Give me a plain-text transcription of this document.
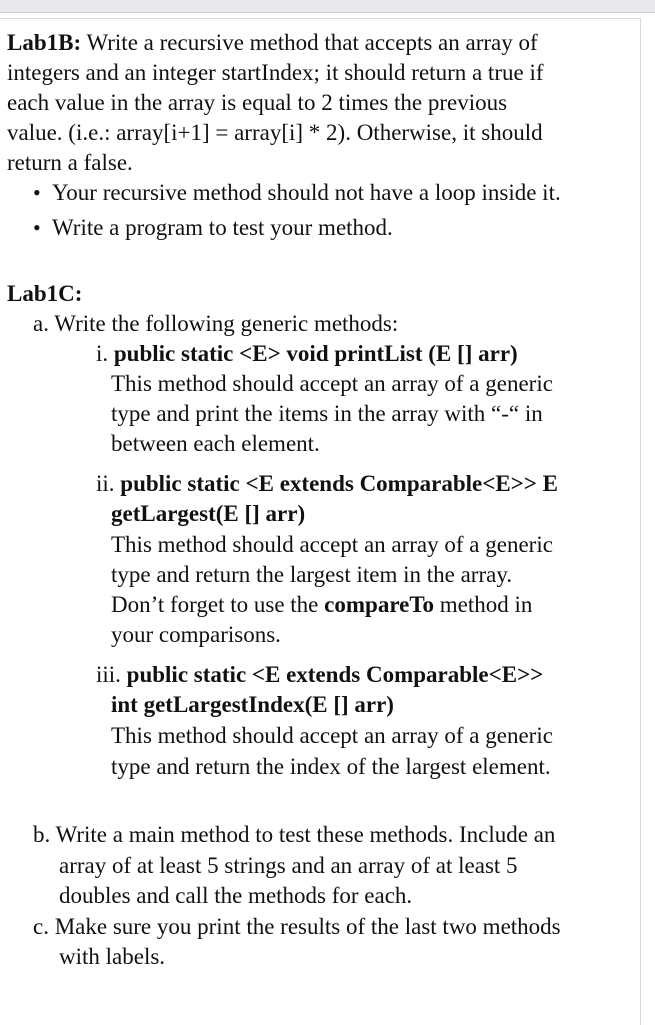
Lab1B: Write a recursive method that accepts an array of
integers and an integer startIndex; it should return a true if
each value in the array is equal to 2 times the previous
value. (i.e.: array[i+1] = array[i] * 2). Otherwise, it should
return a false.
• Your recursive method should not have a loop inside it.
• Write a program to test your method.
Lab1C:
a. Write the following generic methods:
i. public static <E> void printList (E [] arr)
This method should accept an array of a generic
type and print the items in the array with “-“ in
between each element.
ii. public static <E extends Comparable<E>> E
getLargest(E [] arr)
This method should accept an array of a generic
type and return the largest item in the array.
Don’t forget to use the compareTo method in
your comparisons.
iii. public static <E extends Comparable<E>>
int getLargestIndex(E [] arr)
This method should accept an array of a generic
type and return the index of the largest element.
b. Write a main method to test these methods. Include an
array of at least 5 strings and an array of at least 5
doubles and call the methods for each.
c. Make sure you print the results of the last two methods
with labels.
